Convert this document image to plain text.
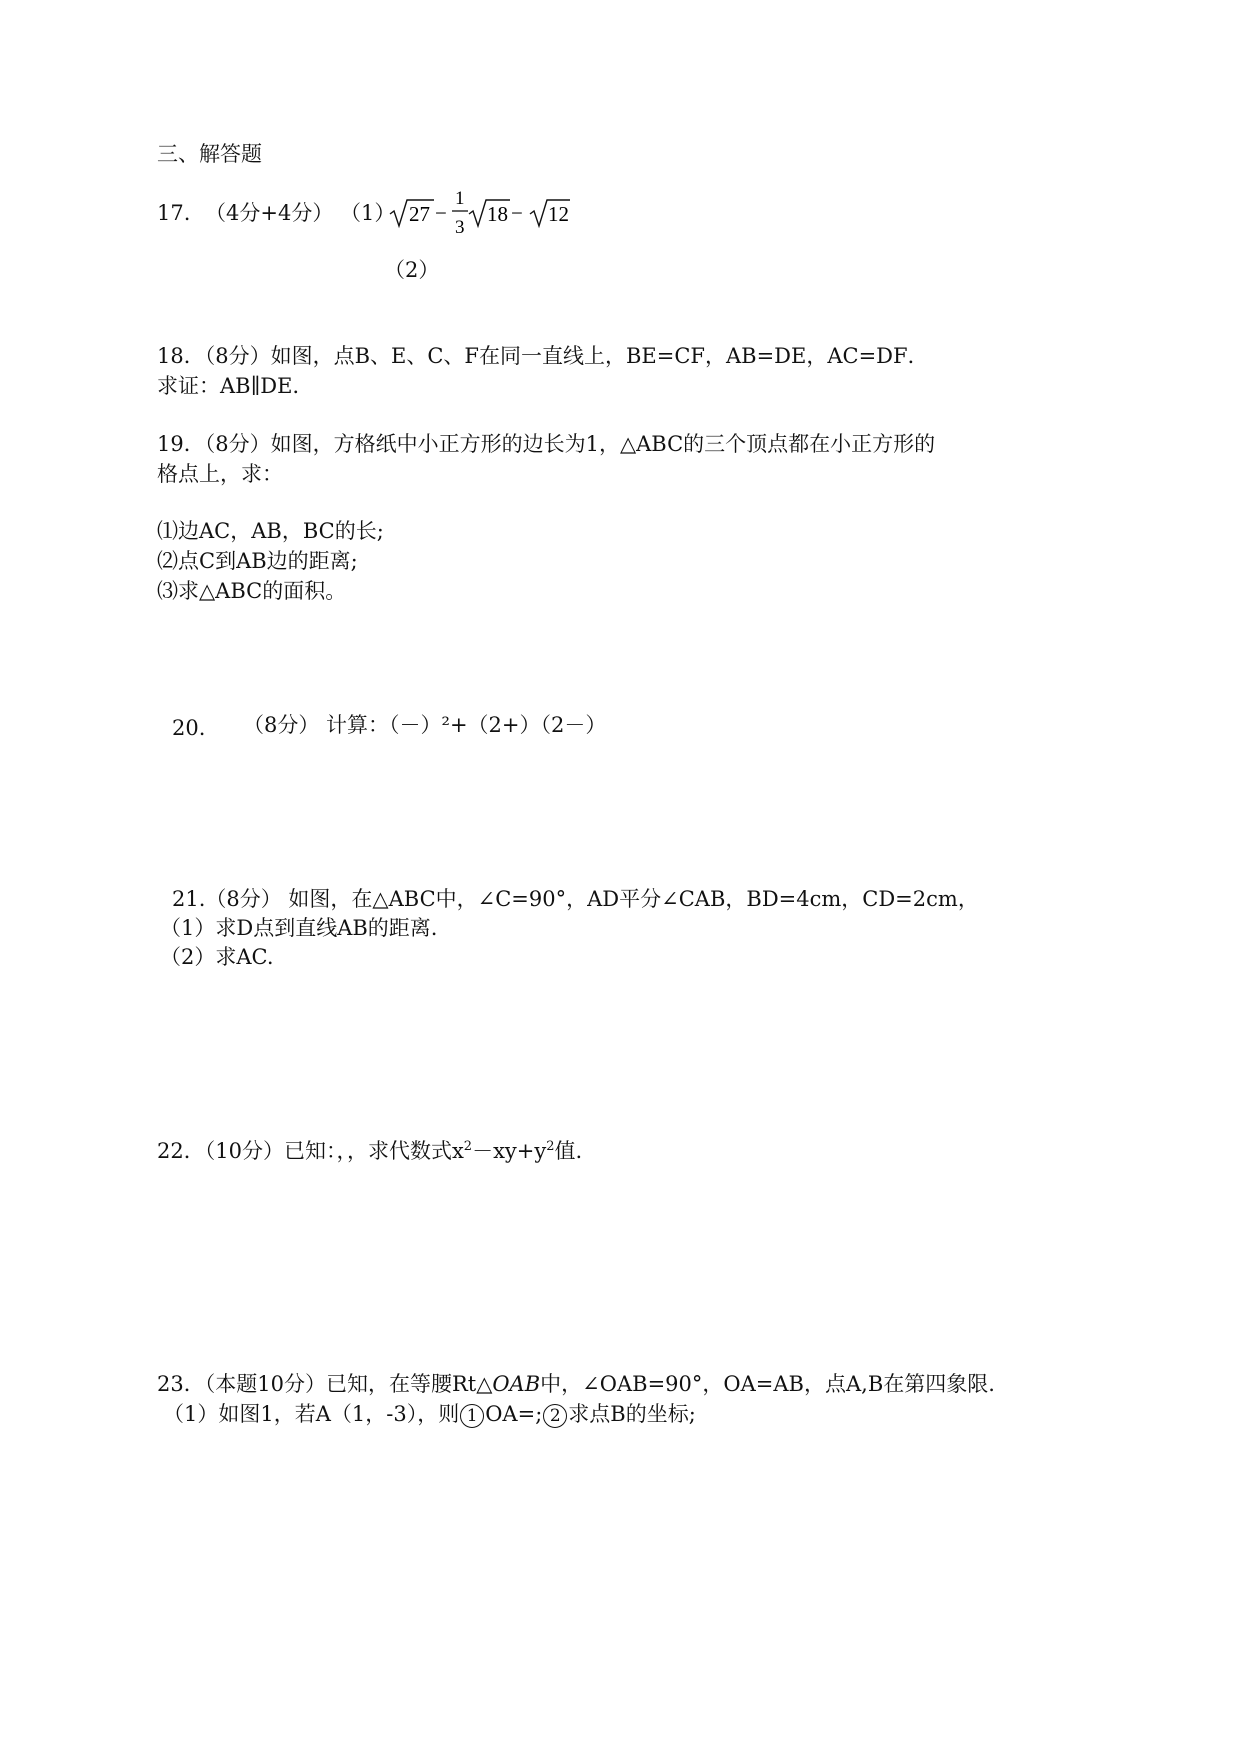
三、解答题
17. （4分+4分） （1） 27 −
1
3
18 − 12
（2）
18．（8分）如图，点B、E、C、F在同一直线上，BE=CF，AB=DE，AC=DF．
求证：AB∥DE．
19．（8分）如图，方格纸中小正方形的边长为1，△ABC的三个顶点都在小正方形的
格点上，求：
⑴边AC，AB，BC的长;
⑵点C到AB边的距离;
⑶求△ABC的面积。
20. （8分） 计算：（－）²+（2+）（2－）
21.（8分） 如图，在△ABC中，∠C=90°，AD平分∠CAB，BD=4cm，CD=2cm，
（1）求D点到直线AB的距离.
（2）求AC.
22．（10分）已知：，，求代数式$x^2-xy+y^2$值.
23．（本题10分）已知，在等腰Rt△OAB中，∠OAB=90°，OA=AB，点A,B在第四象限.
（1）如图1，若A（1，-3），则 1 OA=; 2 求点B的坐标;
